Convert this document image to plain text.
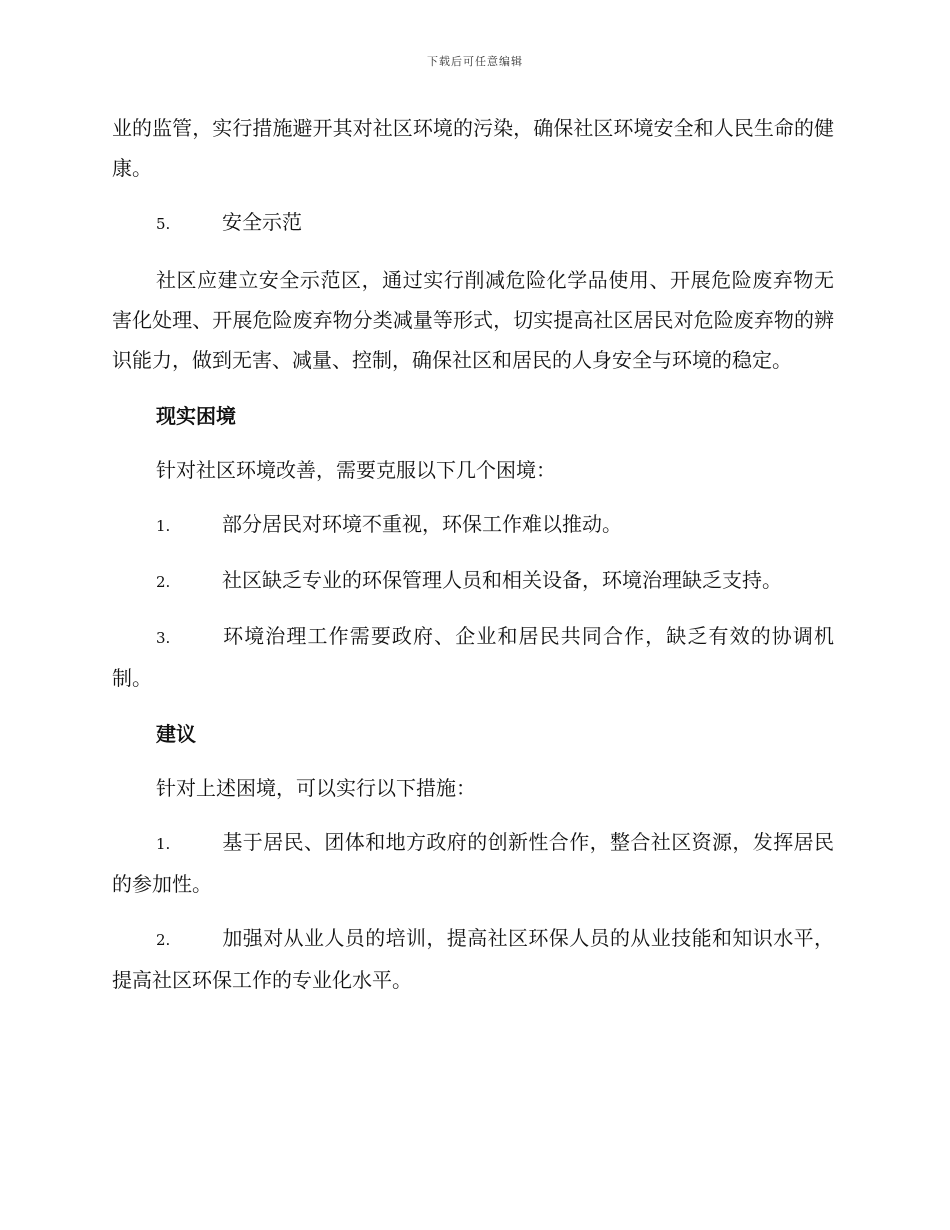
下载后可任意编辑

业的监管，实行措施避开其对社区环境的污染，确保社区环境安全和人民生命的健康。

5.	安全示范

社区应建立安全示范区，通过实行削减危险化学品使用、开展危险废弃物无害化处理、开展危险废弃物分类减量等形式，切实提高社区居民对危险废弃物的辨识能力，做到无害、减量、控制，确保社区和居民的人身安全与环境的稳定。

现实困境

针对社区环境改善，需要克服以下几个困境：

1.	部分居民对环境不重视，环保工作难以推动。

2.	社区缺乏专业的环保管理人员和相关设备，环境治理缺乏支持。

3.	环境治理工作需要政府、企业和居民共同合作，缺乏有效的协调机制。

建议

针对上述困境，可以实行以下措施：

1.	基于居民、团体和地方政府的创新性合作，整合社区资源，发挥居民的参加性。

2.	加强对从业人员的培训，提高社区环保人员的从业技能和知识水平，提高社区环保工作的专业化水平。
